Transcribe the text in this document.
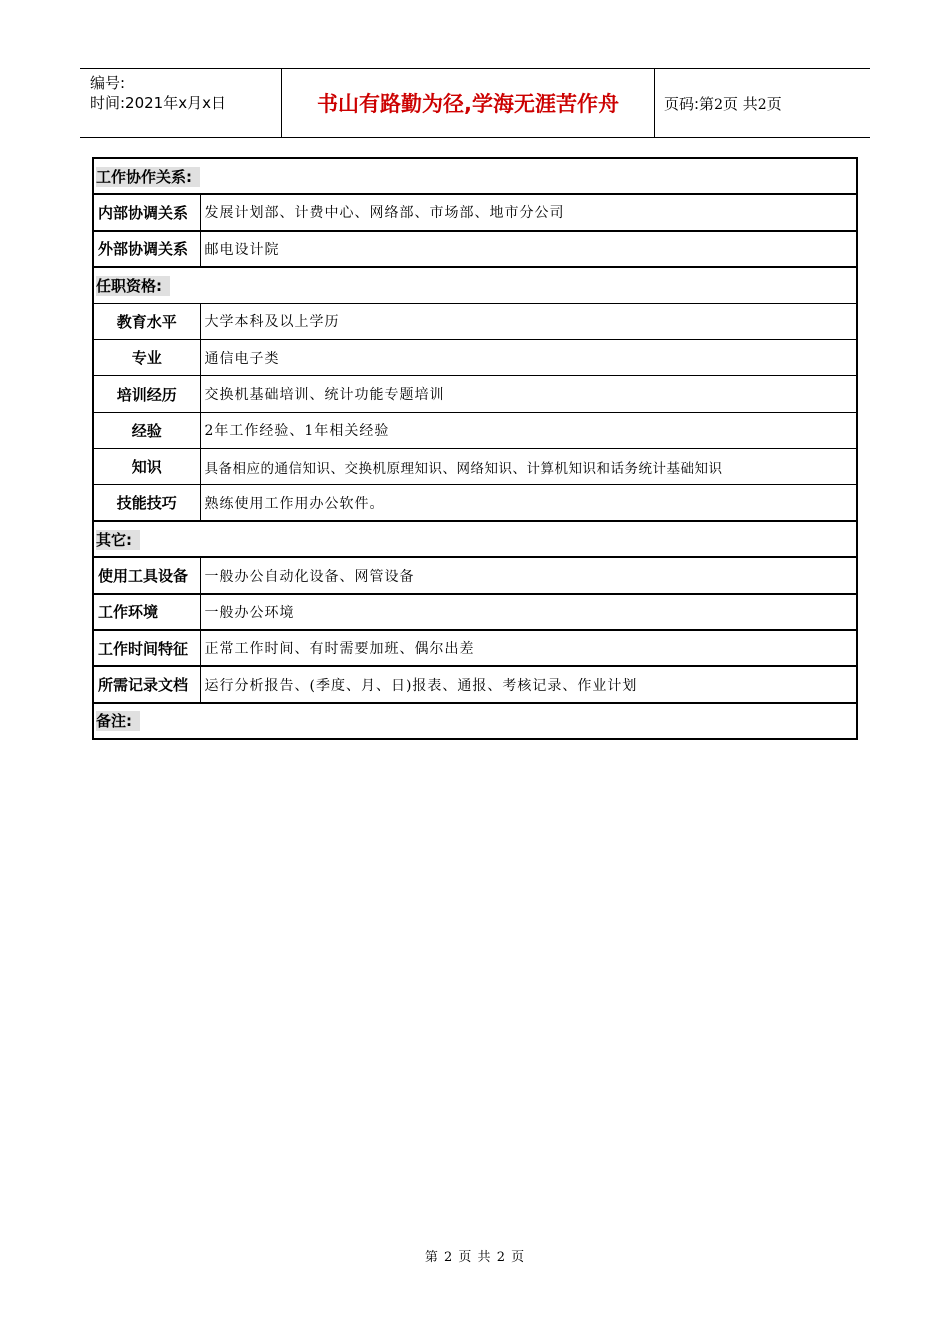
编号:
时间:2021年x月x日	书山有路勤为径,学海无涯苦作舟	页码:第2页 共2页
工作协作关系:	
内部协调关系	发展计划部、计费中心、网络部、市场部、地市分公司
外部协调关系	邮电设计院
任职资格:	
教育水平	大学本科及以上学历
专业	通信电子类
培训经历	交换机基础培训、统计功能专题培训
经验	2年工作经验、1年相关经验
知识	具备相应的通信知识、交换机原理知识、网络知识、计算机知识和话务统计基础知识
技能技巧	熟练使用工作用办公软件。
其它:	
使用工具设备	一般办公自动化设备、网管设备
工作环境	一般办公环境
工作时间特征	正常工作时间、有时需要加班、偶尔出差
所需记录文档	运行分析报告、(季度、月、日)报表、通报、考核记录、作业计划
备注:	
第 2 页 共 2 页
